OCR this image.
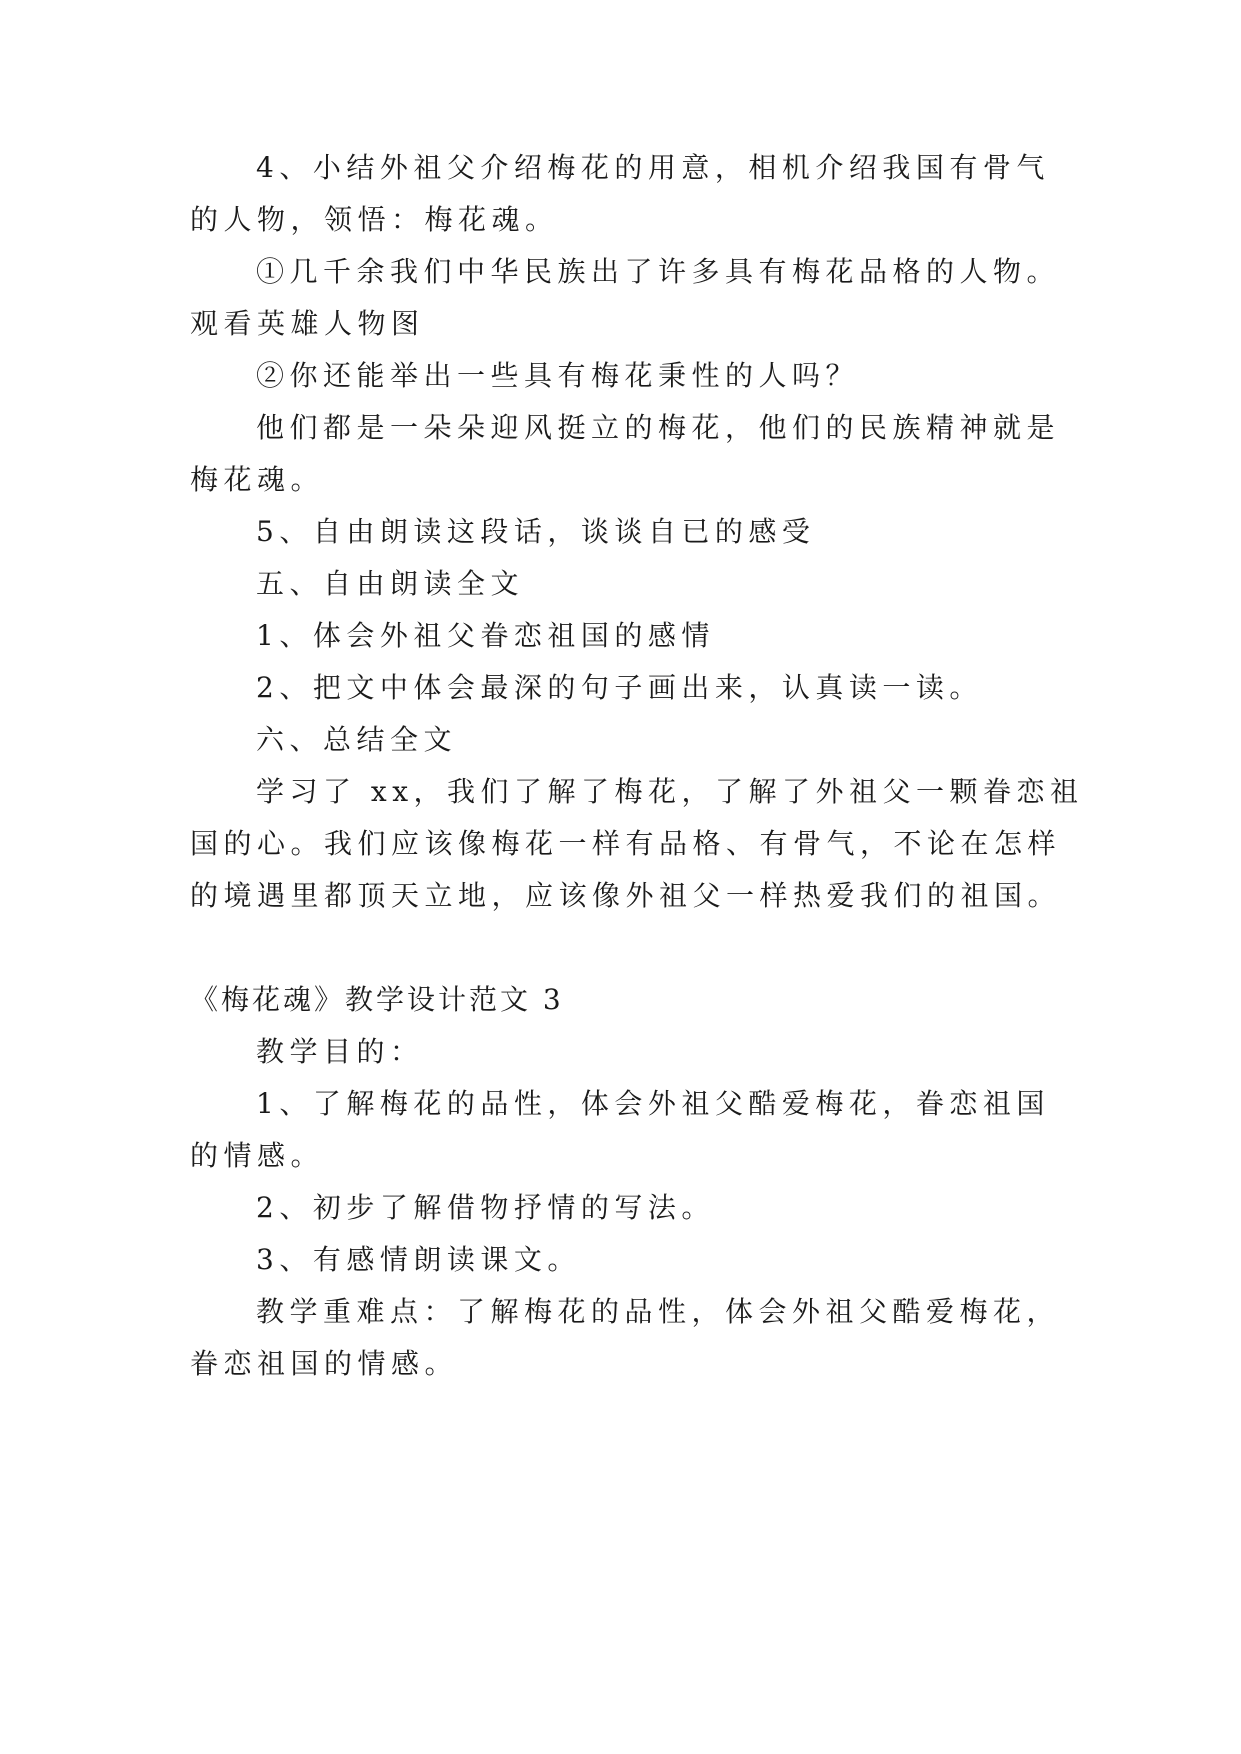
4、小结外祖父介绍梅花的用意，相机介绍我国有骨气
的人物，领悟：梅花魂。
①几千余我们中华民族出了许多具有梅花品格的人物。
观看英雄人物图
②你还能举出一些具有梅花秉性的人吗？
他们都是一朵朵迎风挺立的梅花，他们的民族精神就是
梅花魂。
5、自由朗读这段话，谈谈自已的感受
五、自由朗读全文
1、体会外祖父眷恋祖国的感情
2、把文中体会最深的句子画出来，认真读一读。
六、总结全文
学习了 xx，我们了解了梅花，了解了外祖父一颗眷恋祖
国的心。我们应该像梅花一样有品格、有骨气，不论在怎样
的境遇里都顶天立地，应该像外祖父一样热爱我们的祖国。
《梅花魂》教学设计范文 3
教学目的：
1、了解梅花的品性，体会外祖父酷爱梅花，眷恋祖国
的情感。
2、初步了解借物抒情的写法。
3、有感情朗读课文。
教学重难点：了解梅花的品性，体会外祖父酷爱梅花，
眷恋祖国的情感。
